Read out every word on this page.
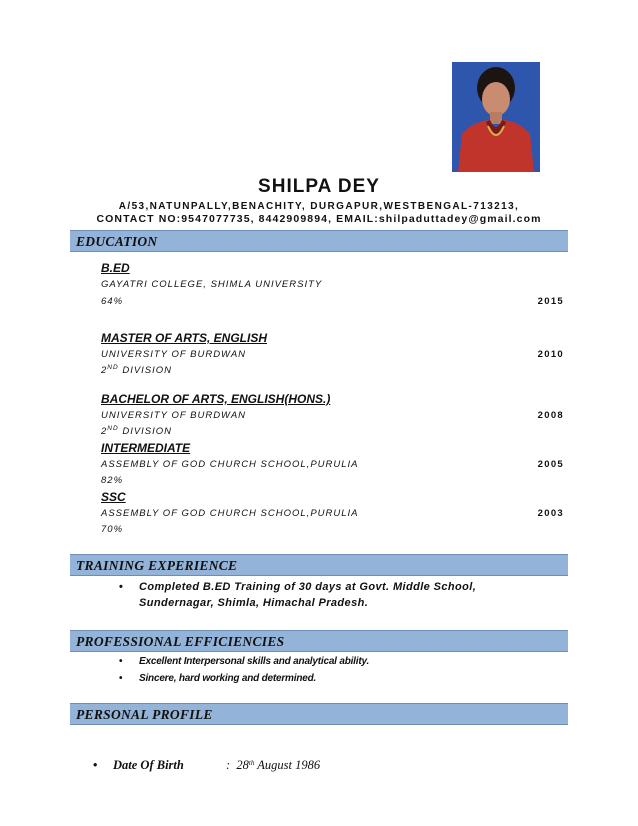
SHILPA DEY
A/53,NATUNPALLY,BENACHITY, DURGAPUR,WESTBENGAL-713213,
CONTACT NO:9547077735, 8442909894, EMAIL:shilpaduttadey@gmail.com
EDUCATION
B.ED
GAYATRI COLLEGE, SHIMLA UNIVERSITY
64%	2015
MASTER OF ARTS, ENGLISH
UNIVERSITY OF BURDWAN	2010
2ND DIVISION
BACHELOR OF ARTS, ENGLISH(HONS.)
UNIVERSITY OF BURDWAN	2008
2ND DIVISION
INTERMEDIATE
ASSEMBLY OF GOD CHURCH SCHOOL,PURULIA	2005
82%
SSC
ASSEMBLY OF GOD CHURCH SCHOOL,PURULIA	2003
70%
TRAINING EXPERIENCE
• Completed B.ED Training of 30 days at Govt. Middle School,
Sundernagar, Shimla, Himachal Pradesh.
PROFESSIONAL EFFICIENCIES
• Excellent Interpersonal skills and analytical ability.
• Sincere, hard working and determined.
PERSONAL PROFILE
• Date Of Birth	: 28th August 1986
